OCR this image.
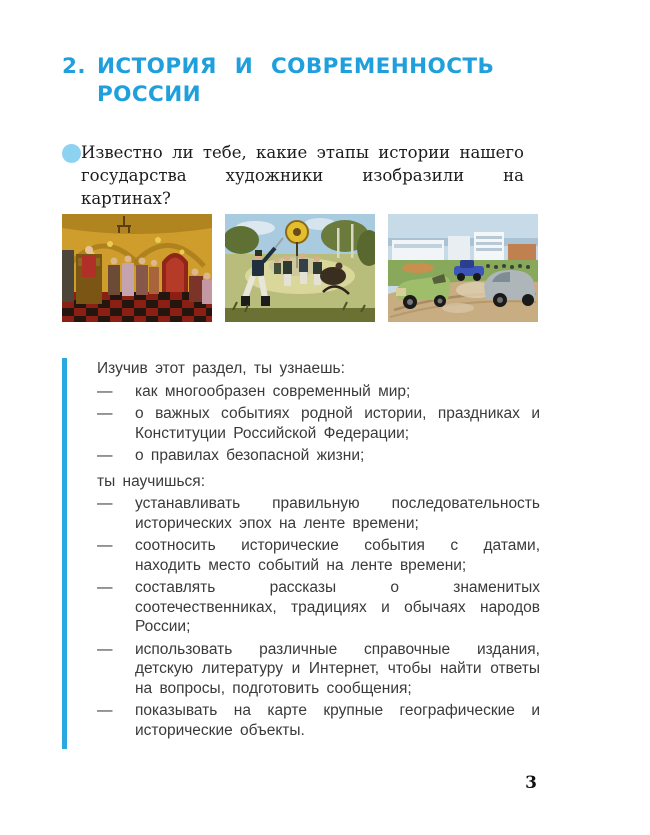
2. ИСТОРИЯ И СОВРЕМЕННОСТЬ РОССИИ

Известно ли тебе, какие этапы истории нашего государства художники изобразили на картинах?

Изучив этот раздел, ты узнаешь:

—	как многообразен современный мир;
—	о важных событиях родной истории, праздниках и Конституции Российской Федерации;
—	о правилах безопасной жизни;

ты научишься:

—	устанавливать правильную последовательность исторических эпох на ленте времени;
—	соотносить исторические события с датами, находить место событий на ленте времени;
—	составлять рассказы о знаменитых соотечественниках, традициях и обычаях народов России;
—	использовать различные справочные издания, детскую литературу и Интернет, чтобы найти ответы на вопросы, подготовить сообщения;
—	показывать на карте крупные географические и исторические объекты.
3
